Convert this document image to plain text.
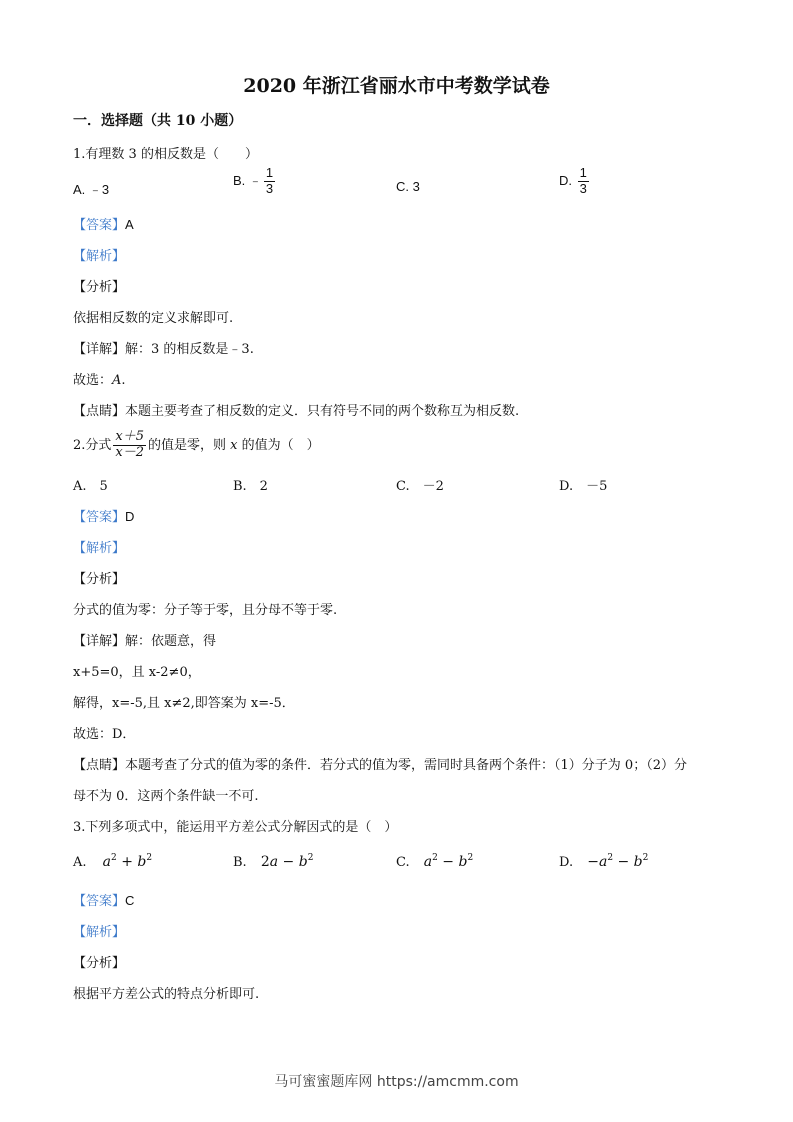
2020 年浙江省丽水市中考数学试卷
一．选择题（共 10 小题）
1.有理数 3 的相反数是（　　）
A. ﹣3
B. ﹣ $\frac{1}{3}$	C. 3	D. $\frac{1}{3}$
【答案】A
【解析】
【分析】
依据相反数的定义求解即可.
【详解】解：3 的相反数是﹣3.
故选：A.
【点睛】本题主要考查了相反数的定义．只有符号不同的两个数称互为相反数.
2.分式 $\frac{x+5}{x-2}$ 的值是零，则 x 的值为（　）
A.　5	B.　2	C.　－2	D.　－5
【答案】D
【解析】
【分析】
分式的值为零：分子等于零，且分母不等于零.
【详解】解：依题意，得
x+5=0，且 x-2≠0，
解得，x=-5,且 x≠2,即答案为 x=-5．
故选：D．
【点睛】本题考查了分式的值为零的条件．若分式的值为零，需同时具备两个条件：（1）分子为 0；（2）分
母不为 0．这两个条件缺一不可.
3.下列多项式中，能运用平方差公式分解因式的是（　）
A. $a^2 + b^2$	B. $2a - b^2$	C. $a^2 - b^2$	D. $-a^2 - b^2$
【答案】C
【解析】
【分析】
根据平方差公式的特点分析即可.
马可蜜蜜题库网 https://amcmm.com
